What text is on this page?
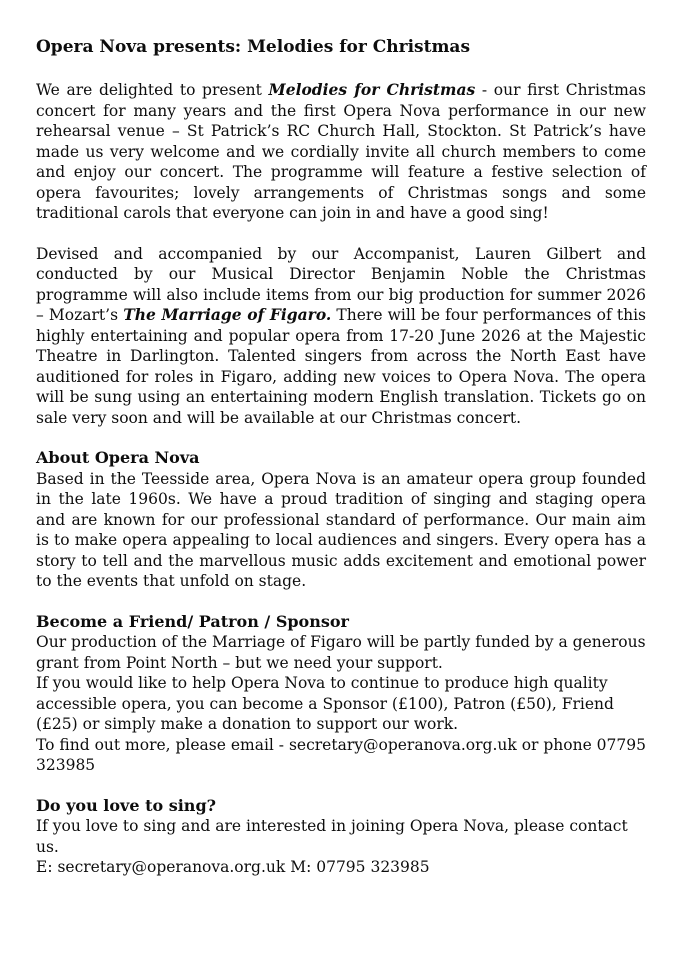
Opera Nova presents: Melodies for Christmas

We are delighted to present Melodies for Christmas - our first Christmas concert for many years and the first Opera Nova performance in our new rehearsal venue – St Patrick’s RC Church Hall, Stockton. St Patrick’s have made us very welcome and we cordially invite all church members to come and enjoy our concert. The programme will feature a festive selection of opera favourites; lovely arrangements of Christmas songs and some traditional carols that everyone can join in and have a good sing!

Devised and accompanied by our Accompanist, Lauren Gilbert and conducted by our Musical Director Benjamin Noble the Christmas programme will also include items from our big production for summer 2026 – Mozart’s The Marriage of Figaro. There will be four performances of this highly entertaining and popular opera from 17-20 June 2026 at the Majestic Theatre in Darlington. Talented singers from across the North East have auditioned for roles in Figaro, adding new voices to Opera Nova. The opera will be sung using an entertaining modern English translation. Tickets go on sale very soon and will be available at our Christmas concert.

About Opera Nova

Based in the Teesside area, Opera Nova is an amateur opera group founded in the late 1960s. We have a proud tradition of singing and staging opera and are known for our professional standard of performance. Our main aim is to make opera appealing to local audiences and singers. Every opera has a story to tell and the marvellous music adds excitement and emotional power to the events that unfold on stage.

Become a Friend/ Patron / Sponsor
Our production of the Marriage of Figaro will be partly funded by a generous grant from Point North – but we need your support.
If you would like to help Opera Nova to continue to produce high quality accessible opera, you can become a Sponsor (£100), Patron (£50), Friend (£25) or simply make a donation to support our work.
To find out more, please email - secretary@operanova.org.uk or phone 07795 323985
Do you love to sing?
If you love to sing and are interested in joining Opera Nova, please contact us.
E: secretary@operanova.org.uk M: 07795 323985
